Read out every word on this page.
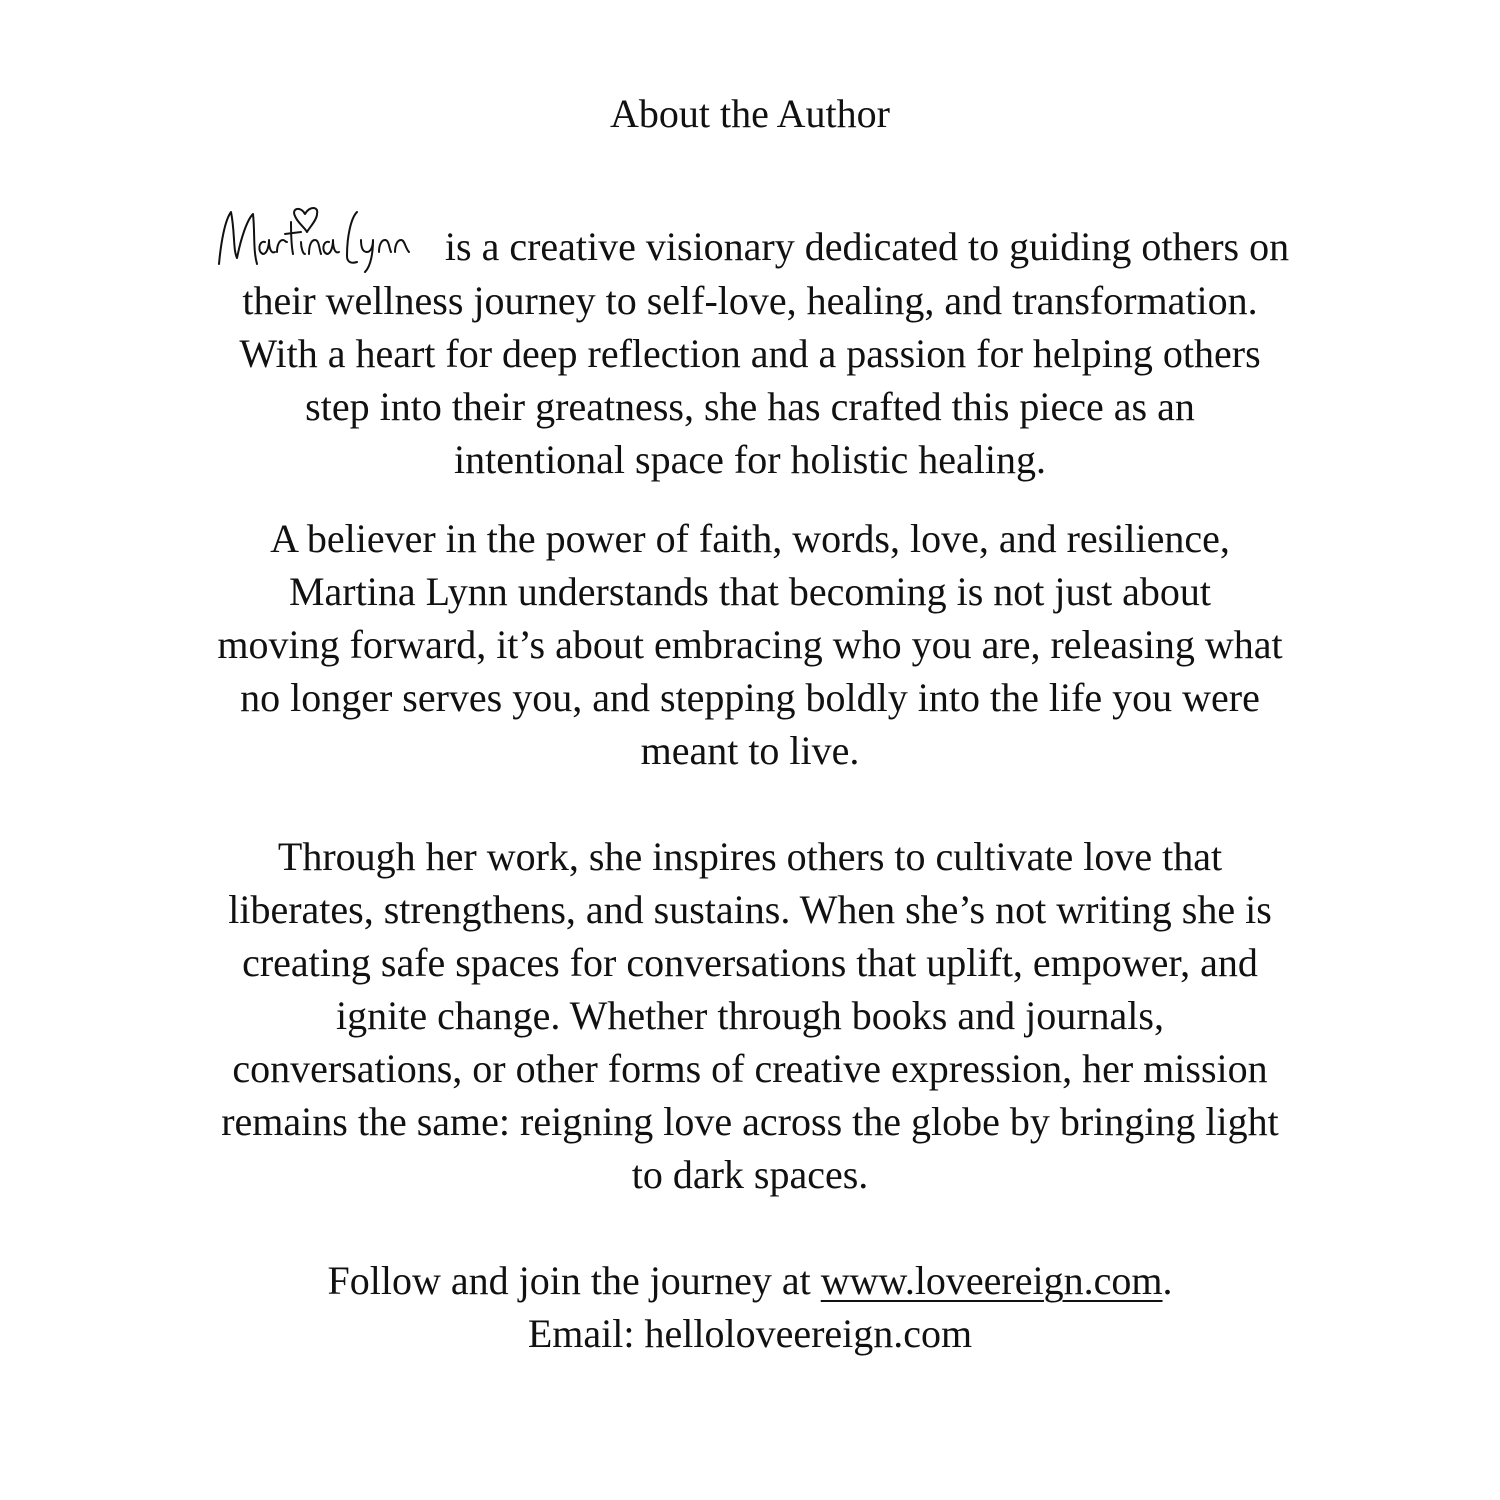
About the Author
is a creative visionary dedicated to guiding others on
their wellness journey to self-love, healing, and transformation.
With a heart for deep reflection and a passion for helping others
step into their greatness, she has crafted this piece as an
intentional space for holistic healing.
A believer in the power of faith, words, love, and resilience,
Martina Lynn understands that becoming is not just about
moving forward, it’s about embracing who you are, releasing what
no longer serves you, and stepping boldly into the life you were
meant to live.
Through her work, she inspires others to cultivate love that
liberates, strengthens, and sustains. When she’s not writing she is
creating safe spaces for conversations that uplift, empower, and
ignite change. Whether through books and journals,
conversations, or other forms of creative expression, her mission
remains the same: reigning love across the globe by bringing light
to dark spaces.
Follow and join the journey at www.loveereign.com.
Email: helloloveereign.com
